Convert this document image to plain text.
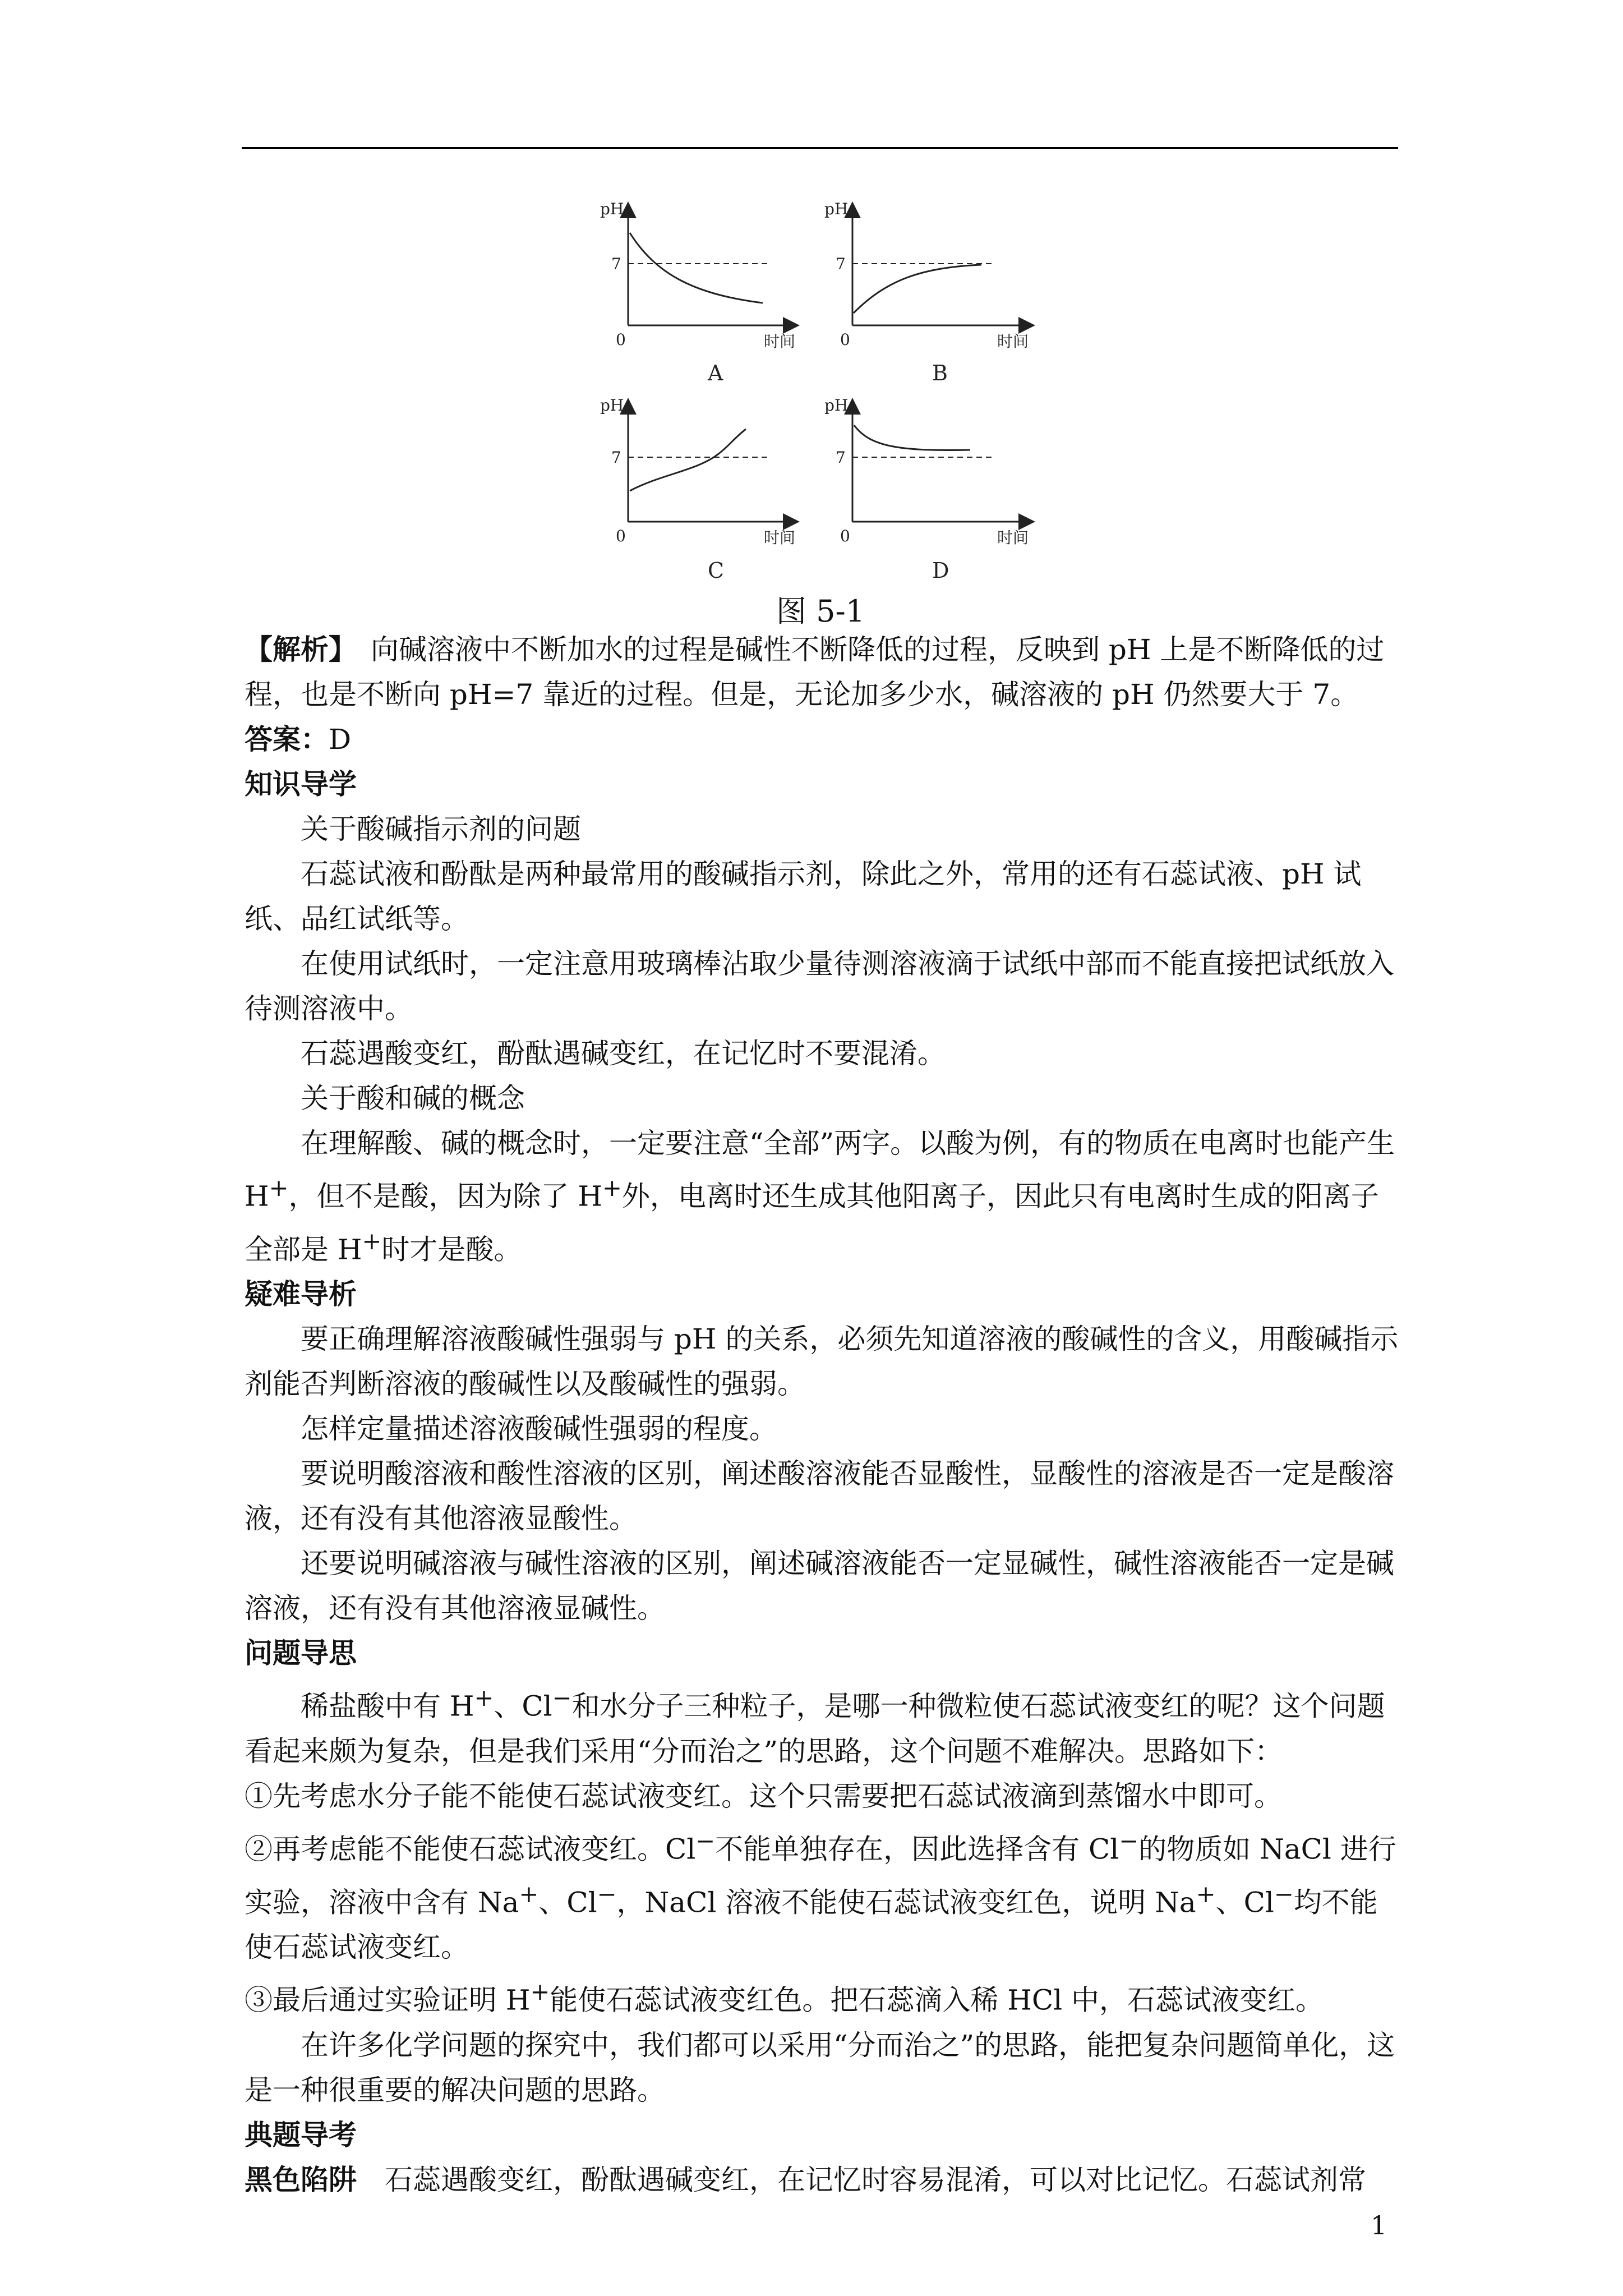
pH
7
0	时间
pH
7
0	时间
pH
7
0	时间
pH
7
0	时间
A	B
C	D
图 5-1

【解析】　向碱溶液中不断加水的过程是碱性不断降低的过程，反映到 pH 上是不断降低的过程，也是不断向 pH=7 靠近的过程。但是，无论加多少水，碱溶液的 pH 仍然要大于 7。

答案：D

知识导学

关于酸碱指示剂的问题

石蕊试液和酚酞是两种最常用的酸碱指示剂，除此之外，常用的还有石蕊试液、pH 试纸、品红试纸等。

在使用试纸时，一定注意用玻璃棒沾取少量待测溶液滴于试纸中部而不能直接把试纸放入待测溶液中。

石蕊遇酸变红，酚酞遇碱变红，在记忆时不要混淆。

关于酸和碱的概念

在理解酸、碱的概念时，一定要注意“全部”两字。以酸为例，有的物质在电离时也能产生 H+，但不是酸，因为除了 H+外，电离时还生成其他阳离子，因此只有电离时生成的阳离子全部是 H+时才是酸。

疑难导析

要正确理解溶液酸碱性强弱与 pH 的关系，必须先知道溶液的酸碱性的含义，用酸碱指示剂能否判断溶液的酸碱性以及酸碱性的强弱。

怎样定量描述溶液酸碱性强弱的程度。

要说明酸溶液和酸性溶液的区别，阐述酸溶液能否显酸性，显酸性的溶液是否一定是酸溶液，还有没有其他溶液显酸性。

还要说明碱溶液与碱性溶液的区别，阐述碱溶液能否一定显碱性，碱性溶液能否一定是碱溶液，还有没有其他溶液显碱性。

问题导思

稀盐酸中有 H+、Cl−和水分子三种粒子，是哪一种微粒使石蕊试液变红的呢？这个问题看起来颇为复杂，但是我们采用“分而治之”的思路，这个问题不难解决。思路如下：

①先考虑水分子能不能使石蕊试液变红。这个只需要把石蕊试液滴到蒸馏水中即可。

②再考虑能不能使石蕊试液变红。Cl−不能单独存在，因此选择含有 Cl−的物质如 NaCl 进行实验，溶液中含有 Na+、Cl−，NaCl 溶液不能使石蕊试液变红色，说明 Na+、Cl−均不能使石蕊试液变红。

③最后通过实验证明 H+能使石蕊试液变红色。把石蕊滴入稀 HCl 中，石蕊试液变红。

在许多化学问题的探究中，我们都可以采用“分而治之”的思路，能把复杂问题简单化，这是一种很重要的解决问题的思路。

典题导考

黑色陷阱　石蕊遇酸变红，酚酞遇碱变红，在记忆时容易混淆，可以对比记忆。石蕊试剂常

1
